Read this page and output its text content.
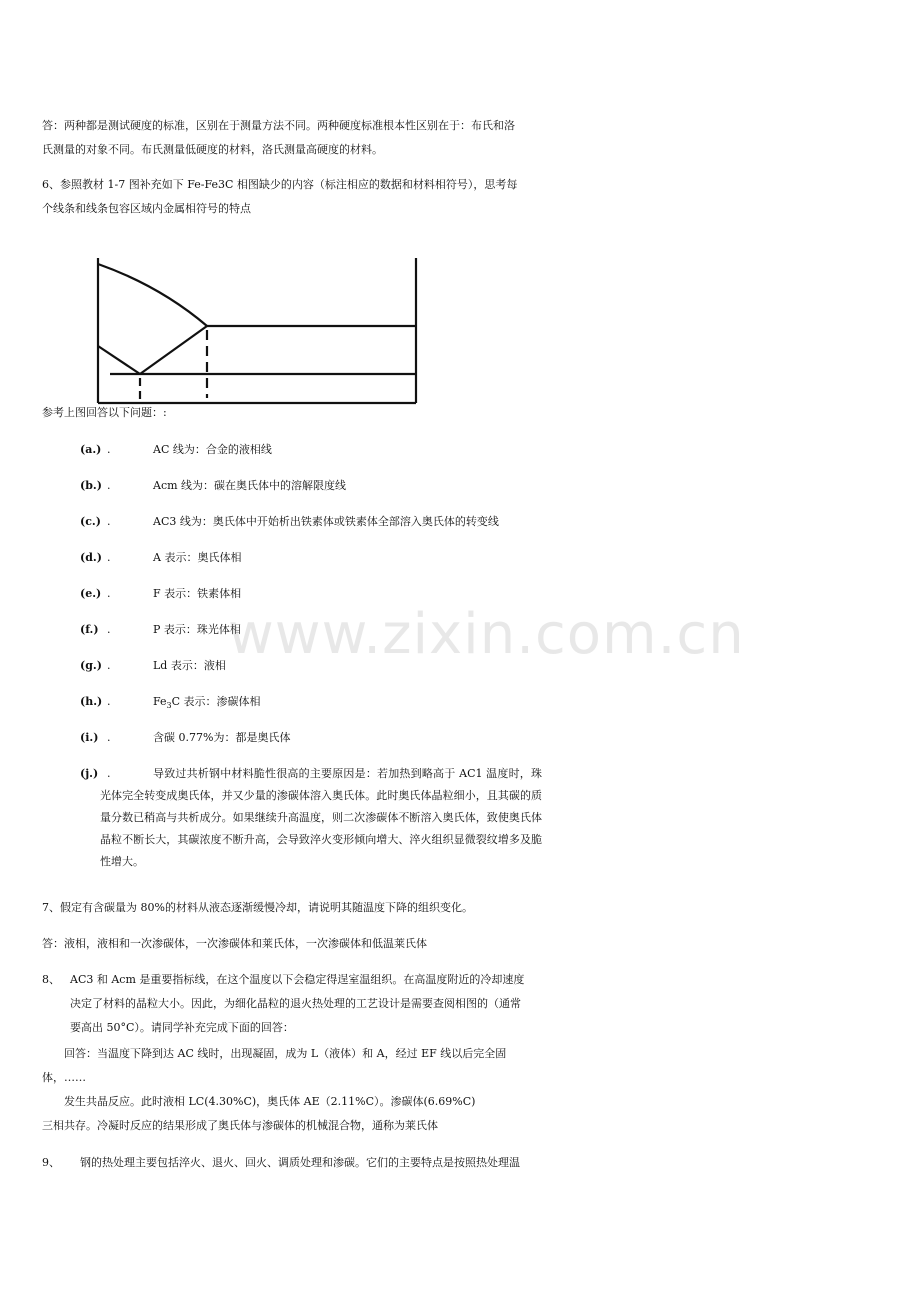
答：两种都是测试硬度的标准，区别在于测量方法不同。两种硬度标准根本性区别在于：布氏和洛
氏测量的对象不同。布氏测量低硬度的材料，洛氏测量高硬度的材料。
6、参照教材 1-7 图补充如下 Fe-Fe3C 相图缺少的内容（标注相应的数据和材料相符号），思考每
个线条和线条包容区域内金属相符号的特点
参考上图回答以下问题：:
(a.) .	AC 线为：合金的液相线
(b.) .	Acm 线为：碳在奥氏体中的溶解限度线
(c.) .	AC3 线为：奥氏体中开始析出铁素体或铁素体全部溶入奥氏体的转变线
(d.) .	A 表示：奥氏体相
(e.) .	F 表示：铁素体相
(f.) .	P 表示：珠光体相
(g.) .	Ld 表示：液相
(h.) .	$Fe_3C$ 表示：渗碳体相
(i.) .	含碳 0.77%为：都是奥氏体
(j.) .	导致过共析钢中材料脆性很高的主要原因是：若加热到略高于 AC1 温度时，珠光体完全转变成奥氏体，并又少量的渗碳体溶入奥氏体。此时奥氏体晶粒细小，且其碳的质量分数已稍高与共析成分。如果继续升高温度，则二次渗碳体不断溶入奥氏体，致使奥氏体晶粒不断长大，其碳浓度不断升高，会导致淬火变形倾向增大、淬火组织显微裂纹增多及脆性增大。
7、假定有含碳量为 80%的材料从液态逐渐缓慢冷却，请说明其随温度下降的组织变化。
答：液相，液相和一次渗碳体，一次渗碳体和莱氏体，一次渗碳体和低温莱氏体
8、 AC3 和 Acm 是重要指标线，在这个温度以下会稳定得逞室温组织。在高温度附近的冷却速度
决定了材料的晶粒大小。因此，为细化晶粒的退火热处理的工艺设计是需要查阅相图的（通常
要高出 50°C）。请同学补充完成下面的回答：
回答：当温度下降到达 AC 线时，出现凝固，成为 L（液体）和 A，经过 EF 线以后完全固
体，……
发生共晶反应。此时液相 LC(4.30%C)，奥氏体 AE（2.11%C）。渗碳体(6.69%C)
三相共存。冷凝时反应的结果形成了奥氏体与渗碳体的机械混合物，通称为莱氏体
9、 钢的热处理主要包括淬火、退火、回火、调质处理和渗碳。它们的主要特点是按照热处理温
www.zixin.com.cn
